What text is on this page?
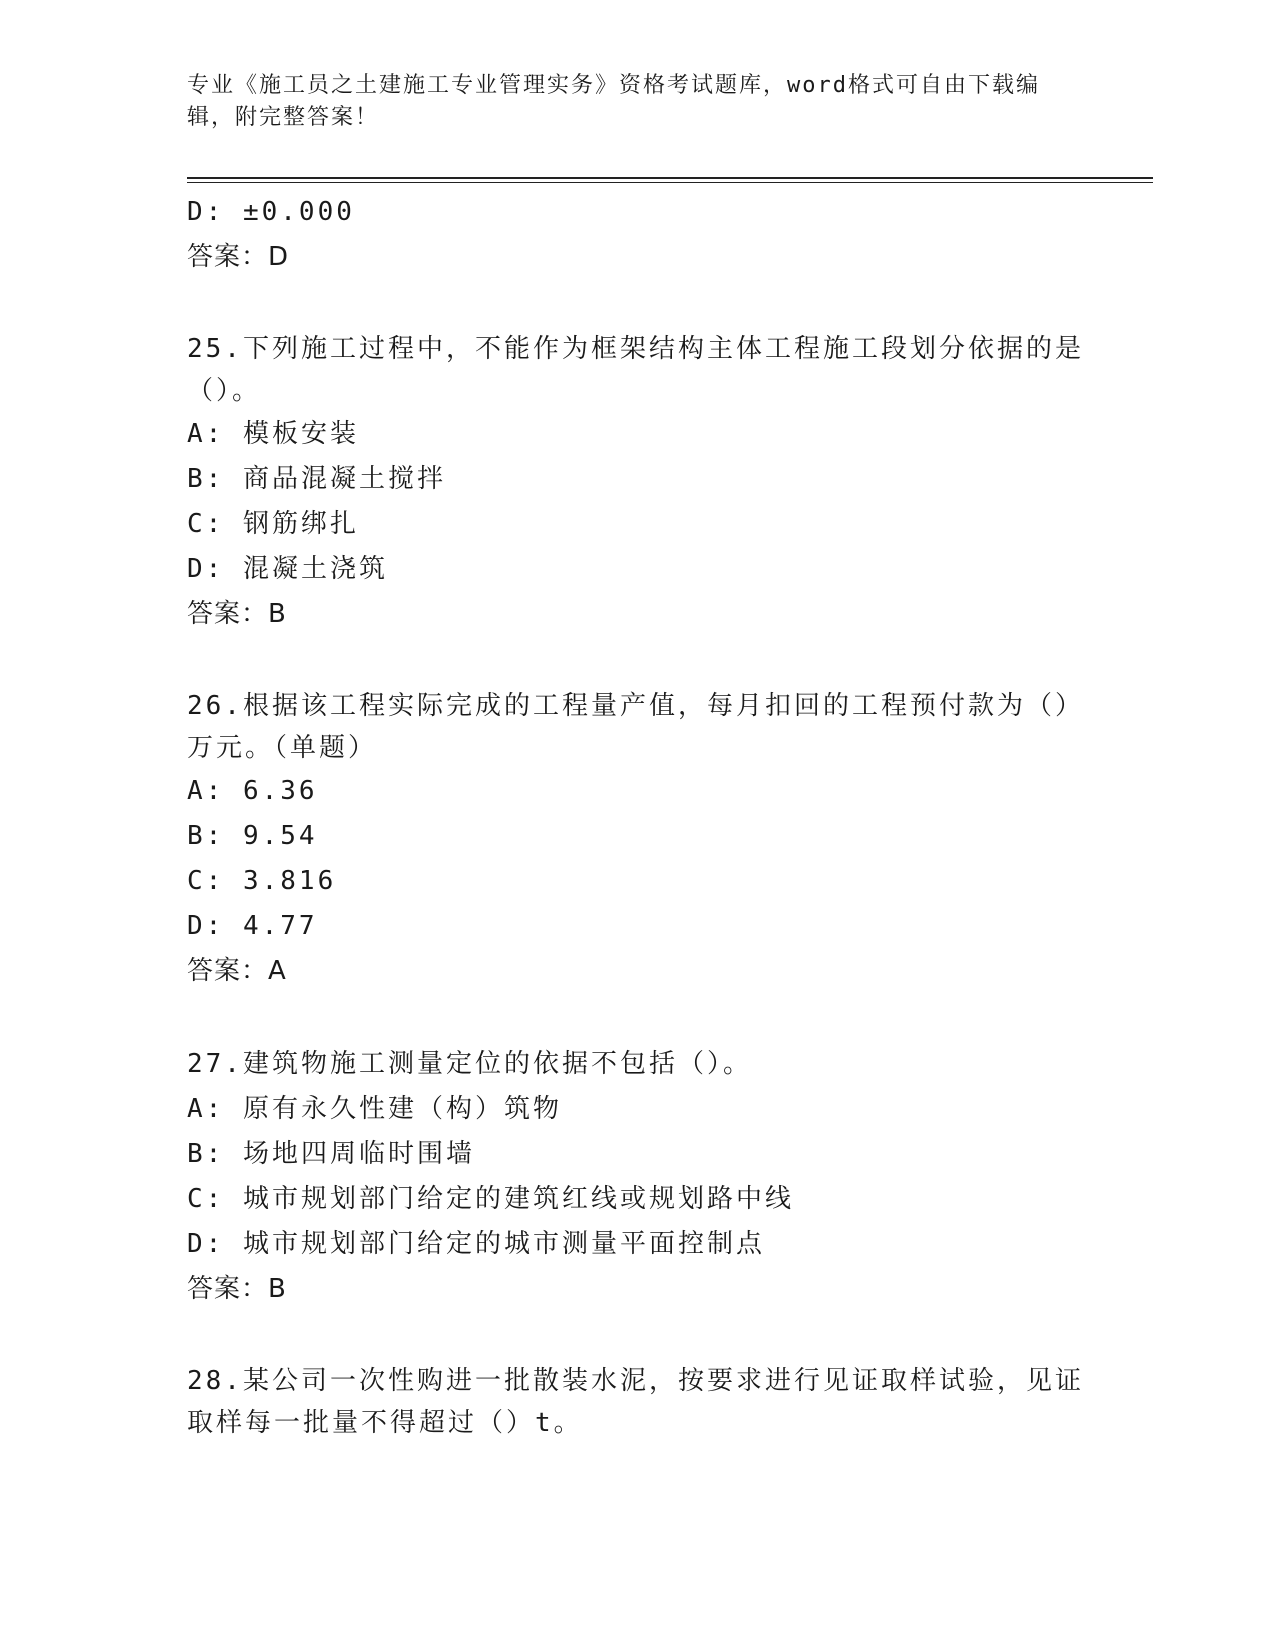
专业《施工员之土建施工专业管理实务》资格考试题库，word格式可自由下载编
辑，附完整答案！
D: ±0.000
答案：D
25.下列施工过程中，不能作为框架结构主体工程施工段划分依据的是
（）。
A: 模板安装
B: 商品混凝土搅拌
C: 钢筋绑扎
D: 混凝土浇筑
答案：B
26.根据该工程实际完成的工程量产值，每月扣回的工程预付款为（）
万元。（单题）
A: 6.36
B: 9.54
C: 3.816
D: 4.77
答案：A
27.建筑物施工测量定位的依据不包括（）。
A: 原有永久性建（构）筑物
B: 场地四周临时围墙
C: 城市规划部门给定的建筑红线或规划路中线
D: 城市规划部门给定的城市测量平面控制点
答案：B
28.某公司一次性购进一批散装水泥，按要求进行见证取样试验，见证
取样每一批量不得超过（）t。
